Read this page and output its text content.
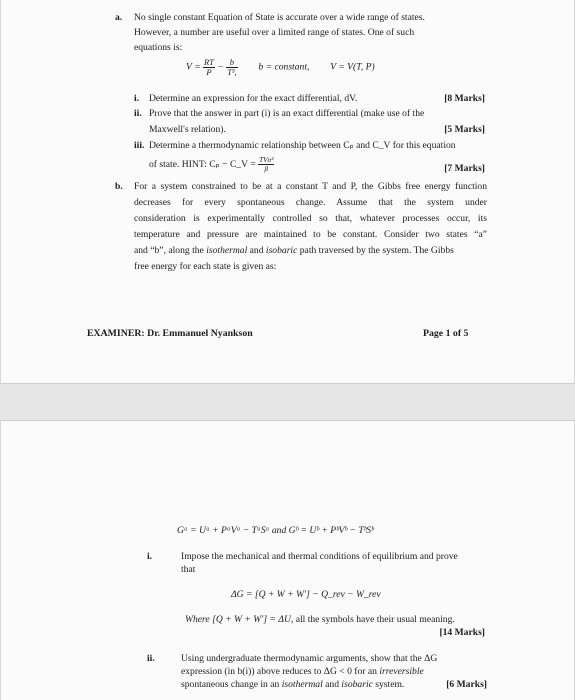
a. No single constant Equation of State is accurate over a wide range of states.
However, a number are useful over a limited range of states. One of such
equations is:
$V = \frac{RT}{P} - \frac{b}{\text{T³,}}$ b = constant, V = V(T, P)
i. Determine an expression for the exact differential, dV.	[8 Marks]
ii. Prove that the answer in part (i) is an exact differential (make use of the
Maxwell's relation).	[5 Marks]
iii. Determine a thermodynamic relationship between Cₚ and C_V for this equation
of state. HINT: Cₚ − C_V = $\frac{\text{TVα²}}{\beta}$	[7 Marks]
b. For a system constrained to be at a constant T and P, the Gibbs free energy function
decreases for every spontaneous change. Assume that the system under
consideration is experimentally controlled so that, whatever processes occur, its
temperature and pressure are maintained to be constant. Consider two states “a”
and “b”, along the isothermal and isobaric path traversed by the system. The Gibbs
free energy for each state is given as:
EXAMINER: Dr. Emmanuel Nyankson	Page 1 of 5
Gᵃ = Uᵃ + PᵃVᵃ − TᵃSᵃ and Gᵇ = Uᵇ + PᵇVᵇ − TᵇSᵇ
i.	Impose the mechanical and thermal conditions of equilibrium and prove
that
ΔG = [Q + W + W′] − Q_rev − W_rev
Where [Q + W + W′] = ΔU, all the symbols have their usual meaning.
[14 Marks]
ii.	Using undergraduate thermodynamic arguments, show that the ΔG
expression (in b(i)) above reduces to ΔG < 0 for an irreversible
spontaneous change in an isothermal and isobaric system.	[6 Marks]
